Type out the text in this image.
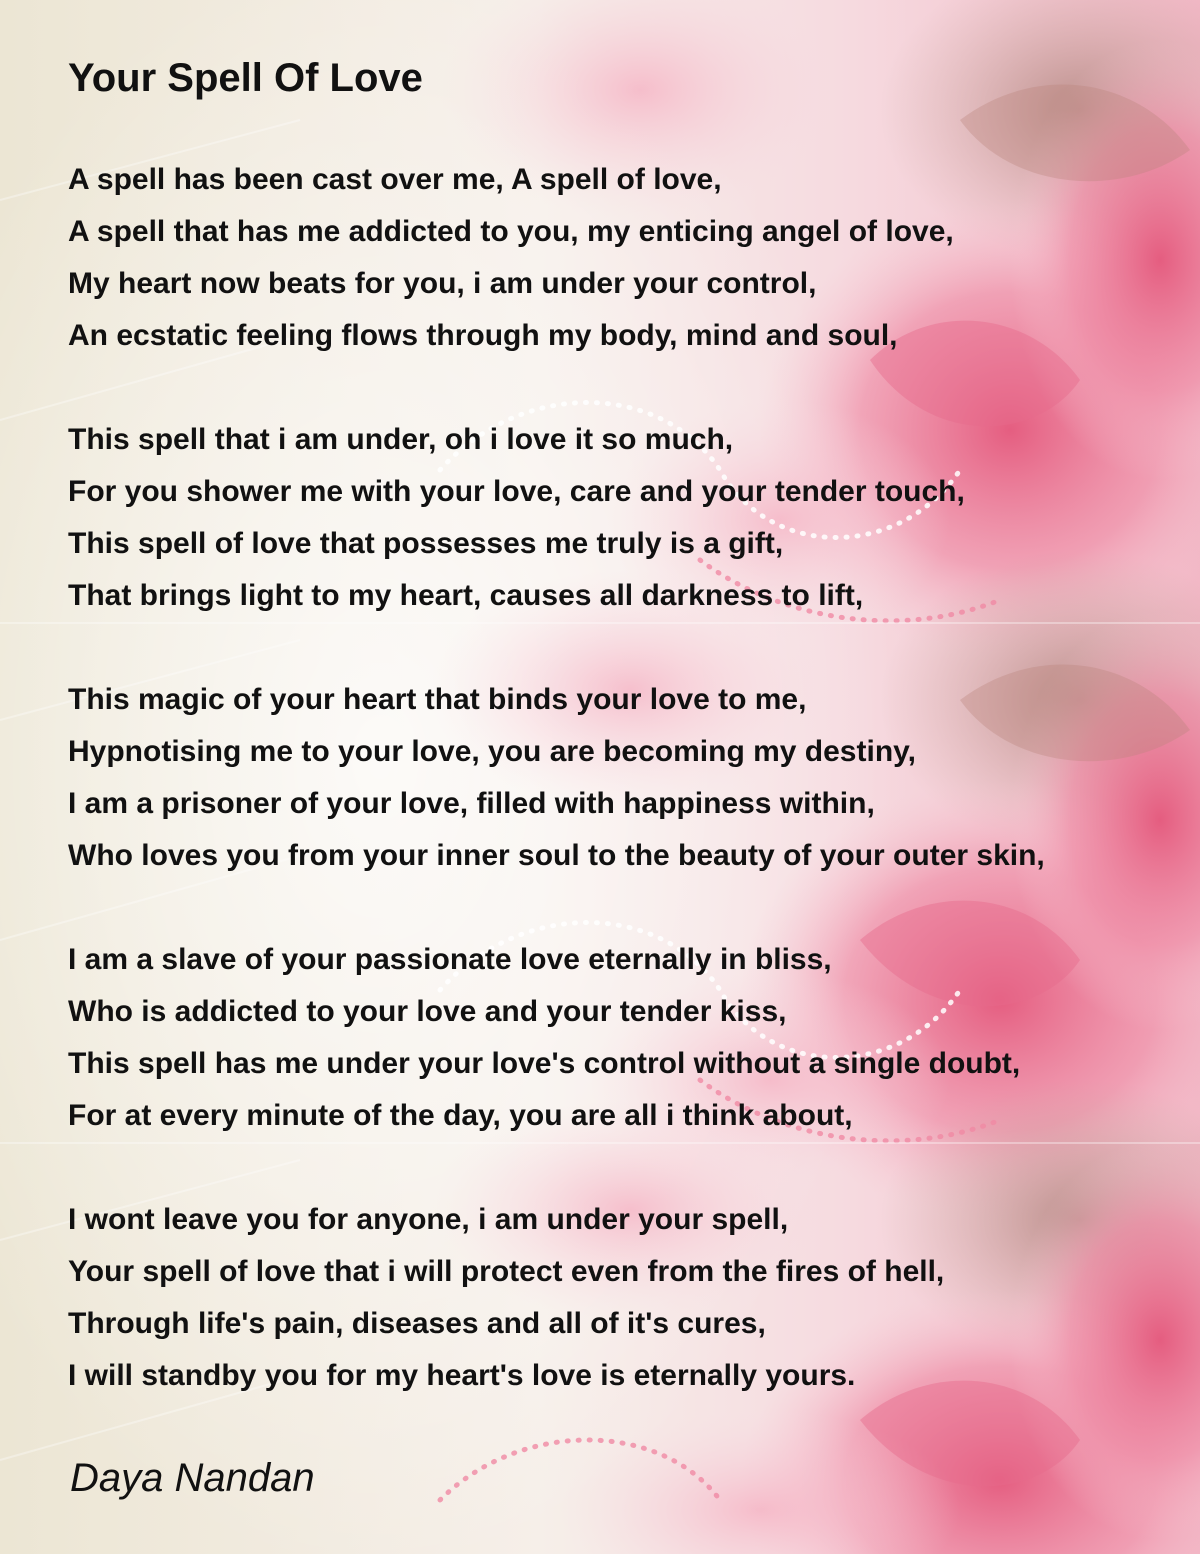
Your Spell Of Love
A spell has been cast over me, A spell of love,
A spell that has me addicted to you, my enticing angel of love,
My heart now beats for you, i am under your control,
An ecstatic feeling flows through my body, mind and soul,
This spell that i am under, oh i love it so much,
For you shower me with your love, care and your tender touch,
This spell of love that possesses me truly is a gift,
That brings light to my heart, causes all darkness to lift,
This magic of your heart that binds your love to me,
Hypnotising me to your love, you are becoming my destiny,
I am a prisoner of your love, filled with happiness within,
Who loves you from your inner soul to the beauty of your outer skin,
I am a slave of your passionate love eternally in bliss,
Who is addicted to your love and your tender kiss,
This spell has me under your love's control without a single doubt,
For at every minute of the day, you are all i think about,
I wont leave you for anyone, i am under your spell,
Your spell of love that i will protect even from the fires of hell,
Through life's pain, diseases and all of it's cures,
I will standby you for my heart's love is eternally yours.
Daya Nandan
